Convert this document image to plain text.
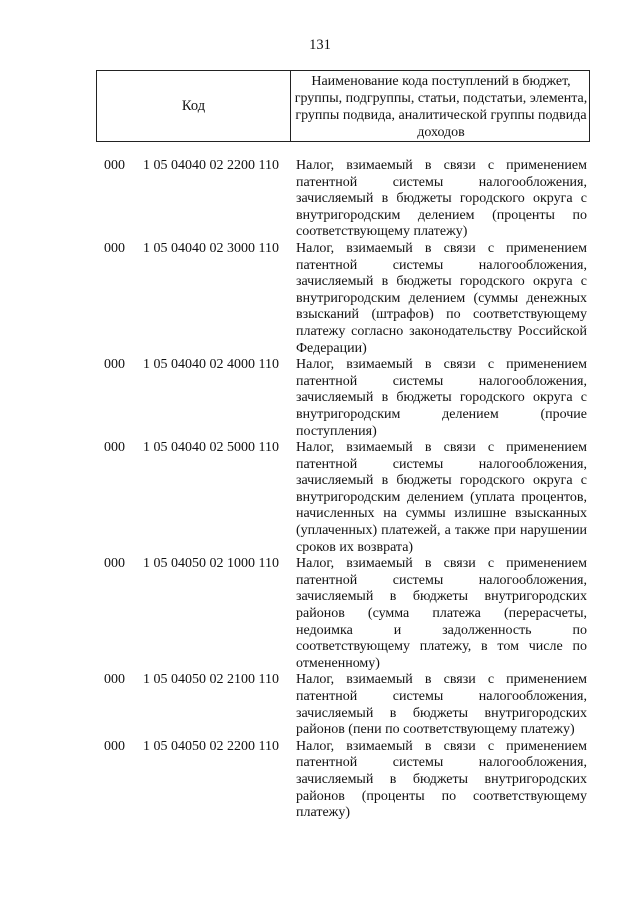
131
Код
Наименование кода поступлений в бюджет, группы, подгруппы, статьи, подстатьи, элемента, группы подвида, аналитической группы подвида доходов
000 1 05 04040 02 2200 110 Налог, взимаемый в связи с применением патентной системы налогообложения, зачисляемый в бюджеты городского округа с внутригородским делением (проценты по соответствующему платежу)
000 1 05 04040 02 3000 110 Налог, взимаемый в связи с применением патентной системы налогообложения, зачисляемый в бюджеты городского округа с внутригородским делением (суммы денежных взысканий (штрафов) по соответствующему платежу согласно законодательству Российской Федерации)
000 1 05 04040 02 4000 110 Налог, взимаемый в связи с применением патентной системы налогообложения, зачисляемый в бюджеты городского округа с внутригородским делением (прочие поступления)
000 1 05 04040 02 5000 110 Налог, взимаемый в связи с применением патентной системы налогообложения, зачисляемый в бюджеты городского округа с внутригородским делением (уплата процентов, начисленных на суммы излишне взысканных (уплаченных) платежей, а также при нарушении сроков их возврата)
000 1 05 04050 02 1000 110 Налог, взимаемый в связи с применением патентной системы налогообложения, зачисляемый в бюджеты внутригородских районов (сумма платежа (перерасчеты, недоимка и задолженность по соответствующему платежу, в том числе по отмененному)
000 1 05 04050 02 2100 110 Налог, взимаемый в связи с применением патентной системы налогообложения, зачисляемый в бюджеты внутригородских районов (пени по соответствующему платежу)
000 1 05 04050 02 2200 110 Налог, взимаемый в связи с применением патентной системы налогообложения, зачисляемый в бюджеты внутригородских районов (проценты по соответствующему платежу)
